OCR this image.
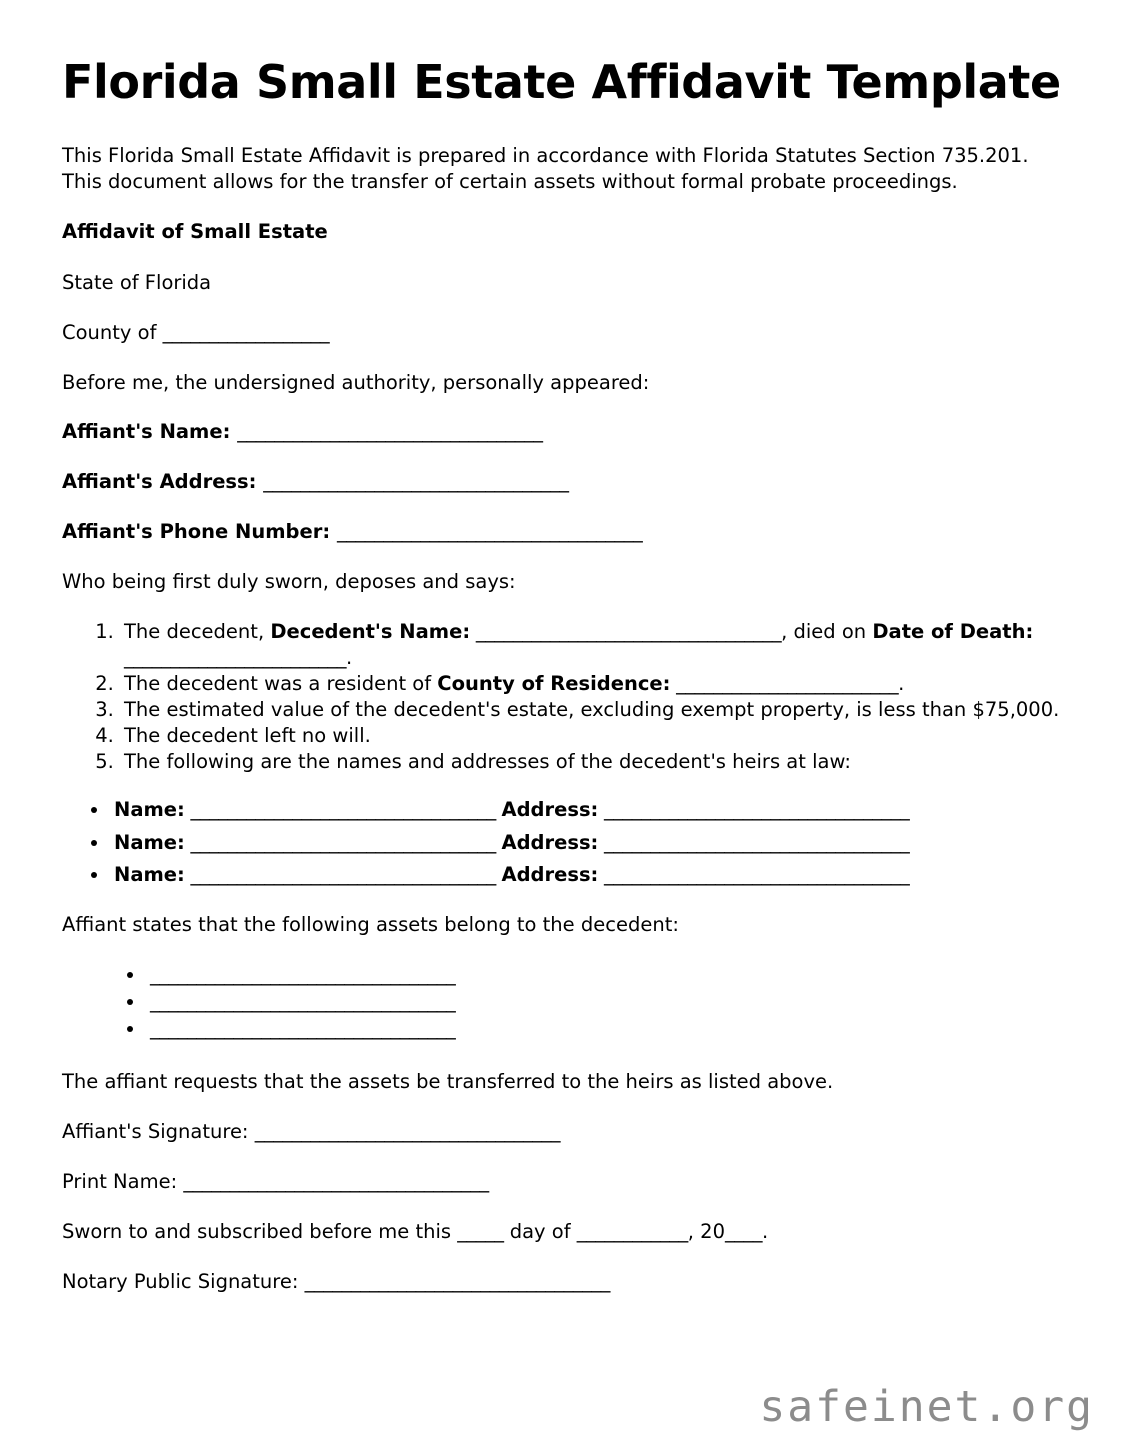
Florida Small Estate Affidavit Template

This Florida Small Estate Affidavit is prepared in accordance with Florida Statutes Section 735.201. This document allows for the transfer of certain assets without formal probate proceedings.

Affidavit of Small Estate

State of Florida

County of __________________

Before me, the undersigned authority, personally appeared:

Affiant's Name: _________________________________

Affiant's Address: _________________________________

Affiant's Phone Number: _________________________________

Who being first duly sworn, deposes and says:

1. The decedent, Decedent's Name: _________________________________, died on Date of Death: ________________________.
2. The decedent was a resident of County of Residence: ________________________.
3. The estimated value of the decedent's estate, excluding exempt property, is less than $75,000.
4. The decedent left no will.
5. The following are the names and addresses of the decedent's heirs at law:
• Name: _________________________________ Address: _________________________________
• Name: _________________________________ Address: _________________________________
• Name: _________________________________ Address: _________________________________

Affiant states that the following assets belong to the decedent:

• _________________________________
• _________________________________
• _________________________________

The affiant requests that the assets be transferred to the heirs as listed above.

Affiant's Signature: _________________________________

Print Name: _________________________________

Sworn to and subscribed before me this _____ day of ____________, 20____.

Notary Public Signature: _________________________________

safeinet.org
